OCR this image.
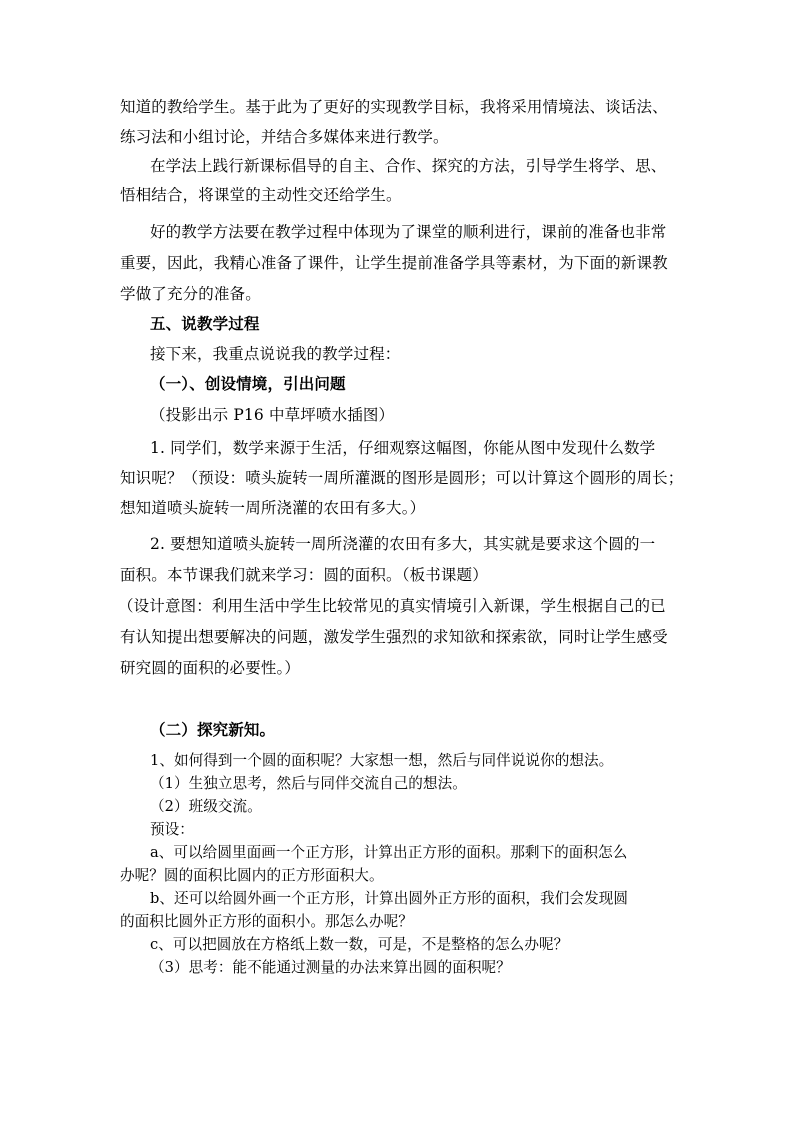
知道的教给学生。基于此为了更好的实现教学目标，我将采用情境法、谈话法、
练习法和小组讨论，并结合多媒体来进行教学。
在学法上践行新课标倡导的自主、合作、探究的方法，引导学生将学、思、
悟相结合，将课堂的主动性交还给学生。
好的教学方法要在教学过程中体现为了课堂的顺利进行，课前的准备也非常
重要，因此，我精心准备了课件，让学生提前准备学具等素材，为下面的新课教
学做了充分的准备。
五、说教学过程
接下来，我重点说说我的教学过程：
（一）、创设情境，引出问题
（投影出示 P16 中草坪喷水插图）
1. 同学们，数学来源于生活，仔细观察这幅图，你能从图中发现什么数学
知识呢？（预设：喷头旋转一周所灌溉的图形是圆形；可以计算这个圆形的周长；
想知道喷头旋转一周所浇灌的农田有多大。）
2. 要想知道喷头旋转一周所浇灌的农田有多大，其实就是要求这个圆的一
面积。本节课我们就来学习：圆的面积。（板书课题）
（设计意图：利用生活中学生比较常见的真实情境引入新课，学生根据自己的已
有认知提出想要解决的问题，激发学生强烈的求知欲和探索欲，同时让学生感受
研究圆的面积的必要性。）
（二）探究新知。
1、如何得到一个圆的面积呢？大家想一想，然后与同伴说说你的想法。
（1）生独立思考，然后与同伴交流自己的想法。
（2）班级交流。
预设：
a、可以给圆里面画一个正方形，计算出正方形的面积。那剩下的面积怎么
办呢？圆的面积比圆内的正方形面积大。
b、还可以给圆外画一个正方形，计算出圆外正方形的面积，我们会发现圆
的面积比圆外正方形的面积小。那怎么办呢？
c、可以把圆放在方格纸上数一数，可是，不是整格的怎么办呢？
（3）思考：能不能通过测量的办法来算出圆的面积呢？
